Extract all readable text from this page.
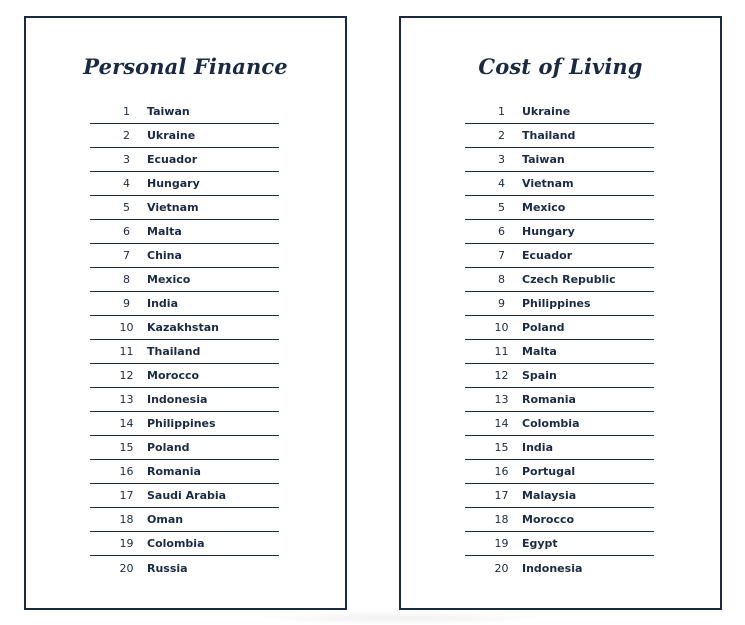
Personal Finance
1	Taiwan
2	Ukraine
3	Ecuador
4	Hungary
5	Vietnam
6	Malta
7	China
8	Mexico
9	India
10	Kazakhstan
11	Thailand
12	Morocco
13	Indonesia
14	Philippines
15	Poland
16	Romania
17	Saudi Arabia
18	Oman
19	Colombia
20	Russia
Cost of Living
1	Ukraine
2	Thailand
3	Taiwan
4	Vietnam
5	Mexico
6	Hungary
7	Ecuador
8	Czech Republic
9	Philippines
10	Poland
11	Malta
12	Spain
13	Romania
14	Colombia
15	India
16	Portugal
17	Malaysia
18	Morocco
19	Egypt
20	Indonesia
